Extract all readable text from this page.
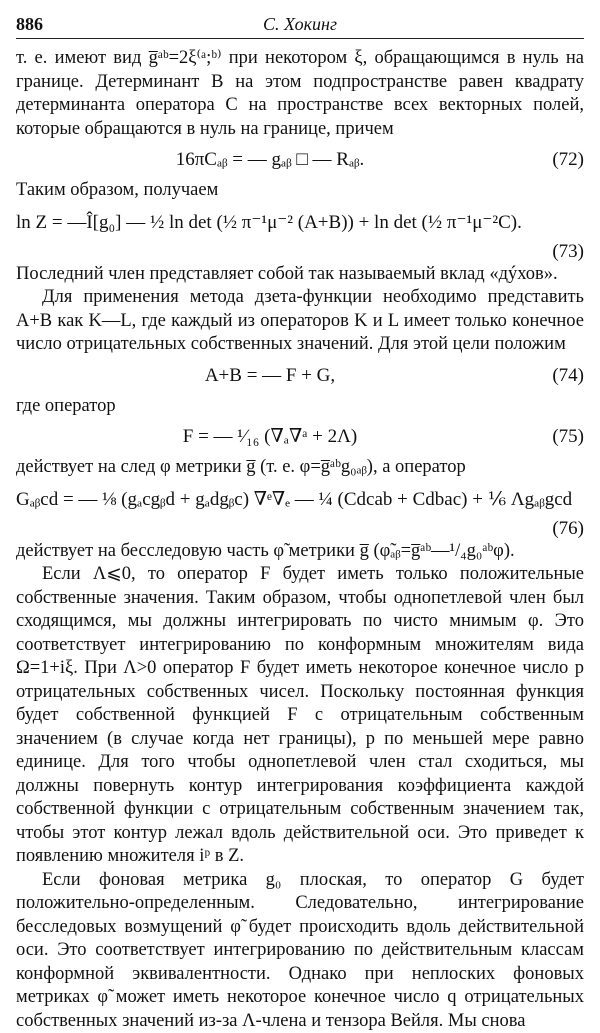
886	С. Хокинг

т. е. имеют вид g̅ᵃᵇ=2ξ⁽ᵃ;ᵇ⁾ при некотором ξ, обращающимся в нуль на границе. Детерминант B на этом подпространстве равен квадрату детерминанта оператора C на пространстве всех векторных полей, которые обращаются в нуль на границе, причем

16πCₐᵦ = — gₐᵦ □ — Rₐᵦ.	(72)

Таким образом, получаем

ln Z = —Î[g₀] — ½ ln det (½ π⁻¹μ⁻² (A+B)) + ln det (½ π⁻¹μ⁻²C).
(73)

Последний член представляет собой так называемый вклад «дýхов».

Для применения метода дзета-функции необходимо представить A+B как K—L, где каждый из операторов K и L имеет только конечное число отрицательных собственных значений. Для этой цели положим

A+B = — F + G,	(74)

где оператор

F = — ¹⁄₁₆ (∇ₐ∇ᵃ + 2Λ)	(75)

действует на след φ метрики g̅ (т. е. φ=g̅ᵃᵇg₀ₐᵦ), а оператор

Gₐᵦcd = — ⅛ (gₐcgᵦd + gₐdgᵦc) ∇ᵉ∇ₑ — ¼ (Cdcab + Cdbac) + ⅙ Λgₐᵦgcd
(76)

действует на бесследовую часть φ̃ метрики g̅ (φ̃ₐᵦ=g̅ᵃᵇ—¹/₄g₀ᵃᵇφ).

Если Λ⩽0, то оператор F будет иметь только положительные собственные значения. Таким образом, чтобы однопетлевой член был сходящимся, мы должны интегрировать по чисто мнимым φ. Это соответствует интегрированию по конформным множителям вида Ω=1+iξ. При Λ>0 оператор F будет иметь некоторое конечное число p отрицательных собственных чисел. Поскольку постоянная функция будет собственной функцией F с отрицательным собственным значением (в случае когда нет границы), p по меньшей мере равно единице. Для того чтобы однопетлевой член стал сходиться, мы должны повернуть контур интегрирования коэффициента каждой собственной функции с отрицательным собственным значением так, чтобы этот контур лежал вдоль действительной оси. Это приведет к появлению множителя iᵖ в Z.

Если фоновая метрика g₀ плоская, то оператор G будет положительно-определенным. Следовательно, интегрирование бесследовых возмущений φ̃ будет происходить вдоль действительной оси. Это соответствует интегрированию по действительным классам конформной эквивалентности. Однако при неплоских фоновых метриках φ̃ может иметь некоторое конечное число q отрицательных собственных значений из-за Λ-члена и тензора Вейля. Мы снова
